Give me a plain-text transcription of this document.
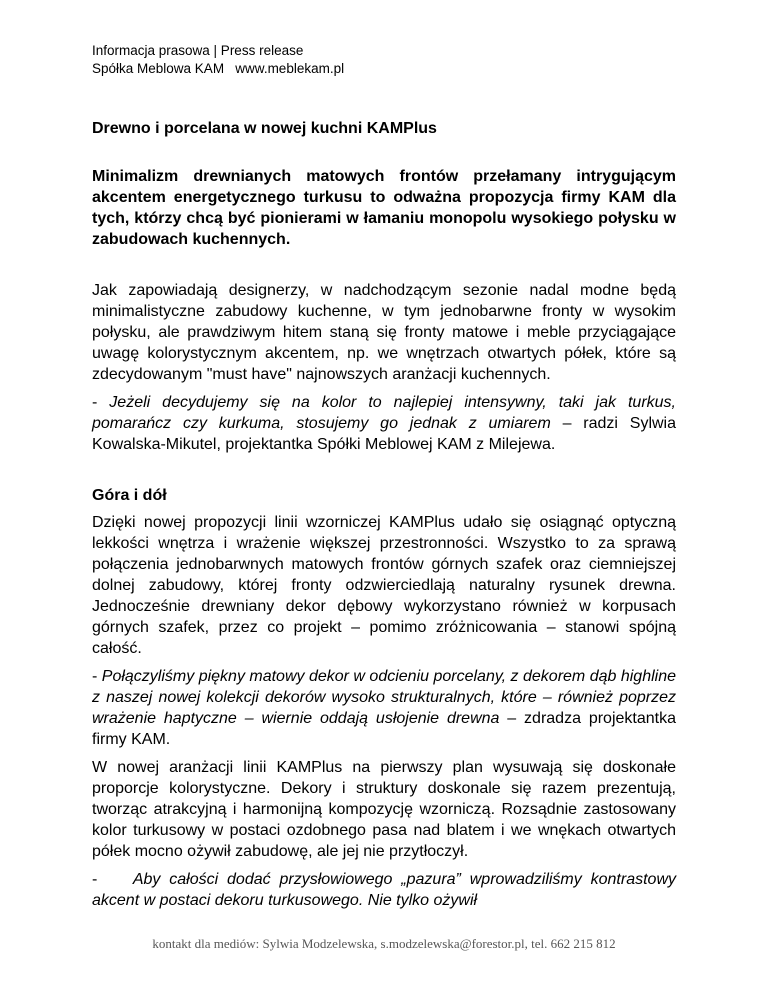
Informacja prasowa | Press release
Spółka Meblowa KAM   www.meblekam.pl
Drewno i porcelana w nowej kuchni KAMPlus
Minimalizm drewnianych matowych frontów przełamany intrygującym akcentem energetycznego turkusu to odważna propozycja firmy KAM dla tych, którzy chcą być pionierami w łamaniu monopolu wysokiego połysku w zabudowach kuchennych.
Jak zapowiadają designerzy, w nadchodzącym sezonie nadal modne będą minimalistyczne zabudowy kuchenne, w tym jednobarwne fronty w wysokim połysku, ale prawdziwym hitem staną się fronty matowe i meble przyciągające uwagę kolorystycznym akcentem, np. we wnętrzach otwartych półek, które są zdecydowanym "must have" najnowszych aranżacji kuchennych.
- Jeżeli decydujemy się na kolor to najlepiej intensywny, taki jak turkus, pomarańcz czy kurkuma, stosujemy go jednak z umiarem – radzi Sylwia Kowalska-Mikutel, projektantka Spółki Meblowej KAM z Milejewa.
Góra i dół
Dzięki nowej propozycji linii wzorniczej KAMPlus udało się osiągnąć optyczną lekkości wnętrza i wrażenie większej przestronności. Wszystko to za sprawą połączenia jednobarwnych matowych frontów górnych szafek oraz ciemniejszej dolnej zabudowy, której fronty odzwierciedlają naturalny rysunek drewna. Jednocześnie drewniany dekor dębowy wykorzystano również w korpusach górnych szafek, przez co projekt – pomimo zróżnicowania – stanowi spójną całość.
- Połączyliśmy piękny matowy dekor w odcieniu porcelany, z dekorem dąb highline z naszej nowej kolekcji dekorów wysoko strukturalnych, które – również poprzez wrażenie haptyczne – wiernie oddają usłojenie drewna – zdradza projektantka firmy KAM.
W nowej aranżacji linii KAMPlus na pierwszy plan wysuwają się doskonałe proporcje kolorystyczne. Dekory i struktury doskonale się razem prezentują, tworząc atrakcyjną i harmonijną kompozycję wzorniczą. Rozsądnie zastosowany kolor turkusowy w postaci ozdobnego pasa nad blatem i we wnękach otwartych półek mocno ożywił zabudowę, ale jej nie przytłoczył.
-    Aby całości dodać przysłowiowego „pazura” wprowadziliśmy kontrastowy akcent w postaci dekoru turkusowego. Nie tylko ożywił
kontakt dla mediów: Sylwia Modzelewska, s.modzelewska@forestor.pl, tel. 662 215 812
